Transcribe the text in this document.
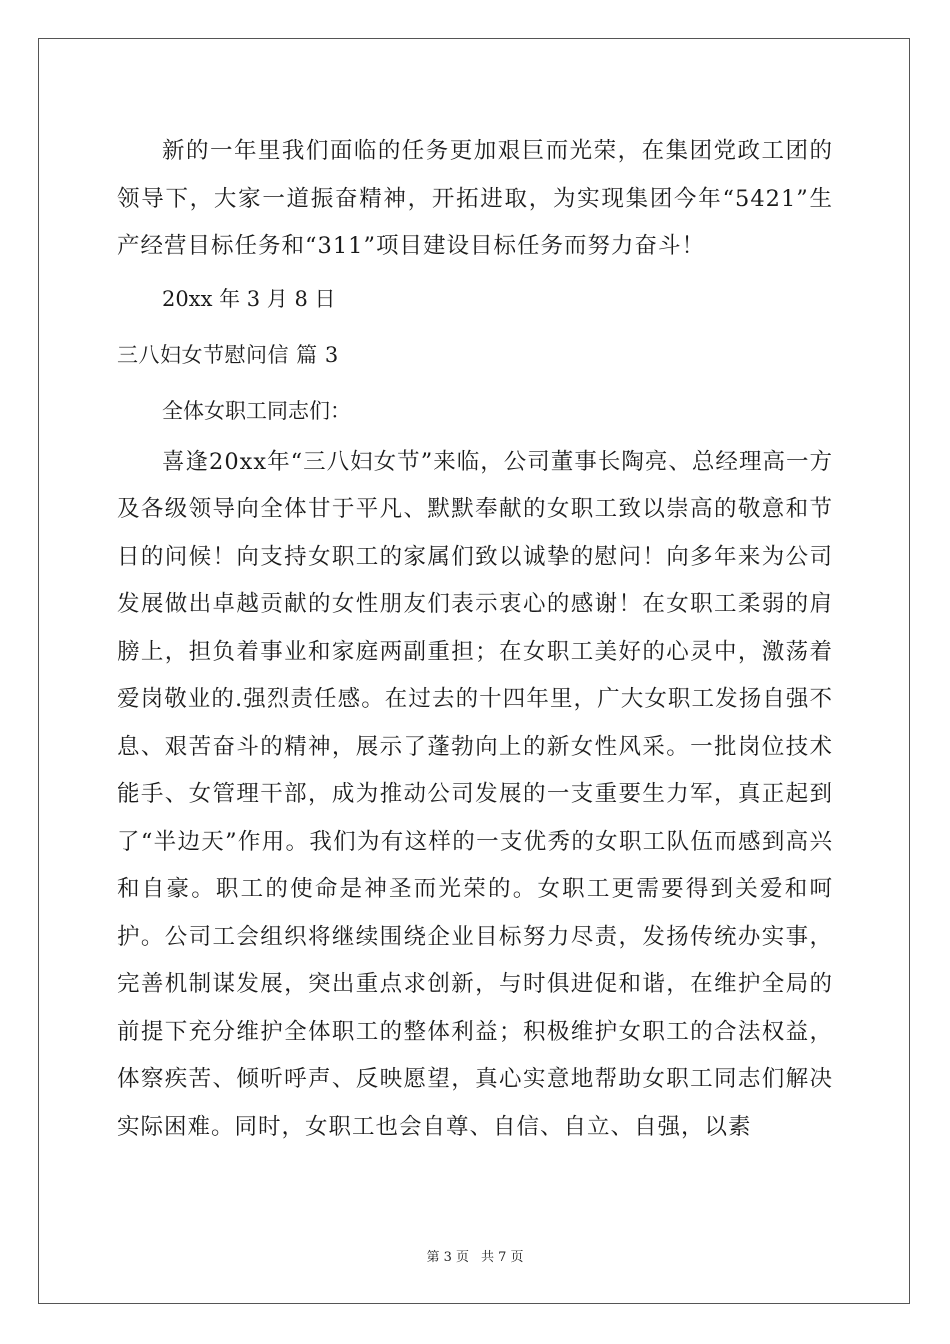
新的一年里我们面临的任务更加艰巨而光荣，在集团党政工团的领导下，大家一道振奋精神，开拓进取，为实现集团今年“5421”生产经营目标任务和“311”项目建设目标任务而努力奋斗！

20xx 年 3 月 8 日

三八妇女节慰问信 篇 3

全体女职工同志们：

喜逢20xx年“三八妇女节”来临，公司董事长陶亮、总经理高一方及各级领导向全体甘于平凡、默默奉献的女职工致以崇高的敬意和节日的问候！向支持女职工的家属们致以诚挚的慰问！向多年来为公司发展做出卓越贡献的女性朋友们表示衷心的感谢！在女职工柔弱的肩膀上，担负着事业和家庭两副重担；在女职工美好的心灵中，激荡着爱岗敬业的.强烈责任感。在过去的十四年里，广大女职工发扬自强不息、艰苦奋斗的精神，展示了蓬勃向上的新女性风采。一批岗位技术能手、女管理干部，成为推动公司发展的一支重要生力军，真正起到了“半边天”作用。我们为有这样的一支优秀的女职工队伍而感到高兴和自豪。职工的使命是神圣而光荣的。女职工更需要得到关爱和呵护。公司工会组织将继续围绕企业目标努力尽责，发扬传统办实事，完善机制谋发展，突出重点求创新，与时俱进促和谐，在维护全局的前提下充分维护全体职工的整体利益；积极维护女职工的合法权益，体察疾苦、倾听呼声、反映愿望，真心实意地帮助女职工同志们解决实际困难。同时，女职工也会自尊、自信、自立、自强，以素

第 3 页 共 7 页
